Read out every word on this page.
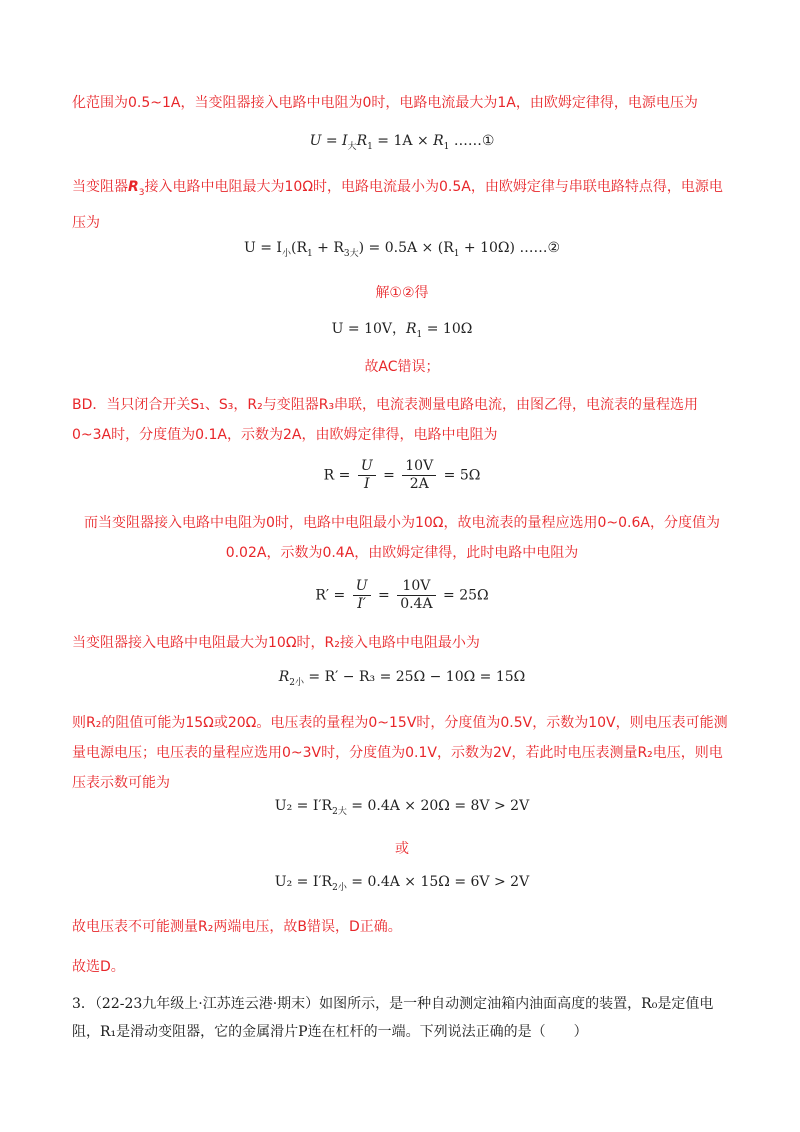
化范围为0.5~1A，当变阻器接入电路中电阻为0时，电路电流最大为1A，由欧姆定律得，电源电压为

$U = I_大R_1 = 1A \times R_1$ ……①

当变阻器$R_3$接入电路中电阻最大为10Ω时，电路电流最小为0.5A，由欧姆定律与串联电路特点得，电源电压为

$U = I_小(R_1 + R_{3大}) = 0.5A \times (R_1 + 10\Omega)$ ……②
解①②得
U = 10V，$R_1 = 10\Omega$
故AC错误；

BD．当只闭合开关S₁、S₃，R₂与变阻器R₃串联，电流表测量电路电流，由图乙得，电流表的量程选用0~3A时，分度值为0.1A，示数为2A，由欧姆定律得，电路中电阻为

$R = \frac{U}{I} = \frac{10V}{2A} = 5\Omega$

而当变阻器接入电路中电阻为0时，电路中电阻最小为10Ω，故电流表的量程应选用0~0.6A，分度值为0.02A，示数为0.4A，由欧姆定律得，此时电路中电阻为

$R' = \frac{U}{I'} = \frac{10V}{0.4A} = 25\Omega$

当变阻器接入电路中电阻最大为10Ω时，R₂接入电路中电阻最小为

$R_{2小} = R' - R_3 = 25\Omega - 10\Omega = 15\Omega$

则R₂的阻值可能为15Ω或20Ω。电压表的量程为0~15V时，分度值为0.5V，示数为10V，则电压表可能测量电源电压；电压表的量程应选用0~3V时，分度值为0.1V，示数为2V，若此时电压表测量R₂电压，则电压表示数可能为

$U_2 = I'R_{2大} = 0.4A \times 20\Omega = 8V > 2V$
或
$U_2 = I'R_{2小} = 0.4A \times 15\Omega = 6V > 2V$

故电压表不可能测量R₂两端电压，故B错误，D正确。

故选D。

3．（22-23九年级上·江苏连云港·期末）如图所示，是一种自动测定油箱内油面高度的装置，R₀是定值电阻，R₁是滑动变阻器，它的金属滑片P连在杠杆的一端。下列说法正确的是（　　）
